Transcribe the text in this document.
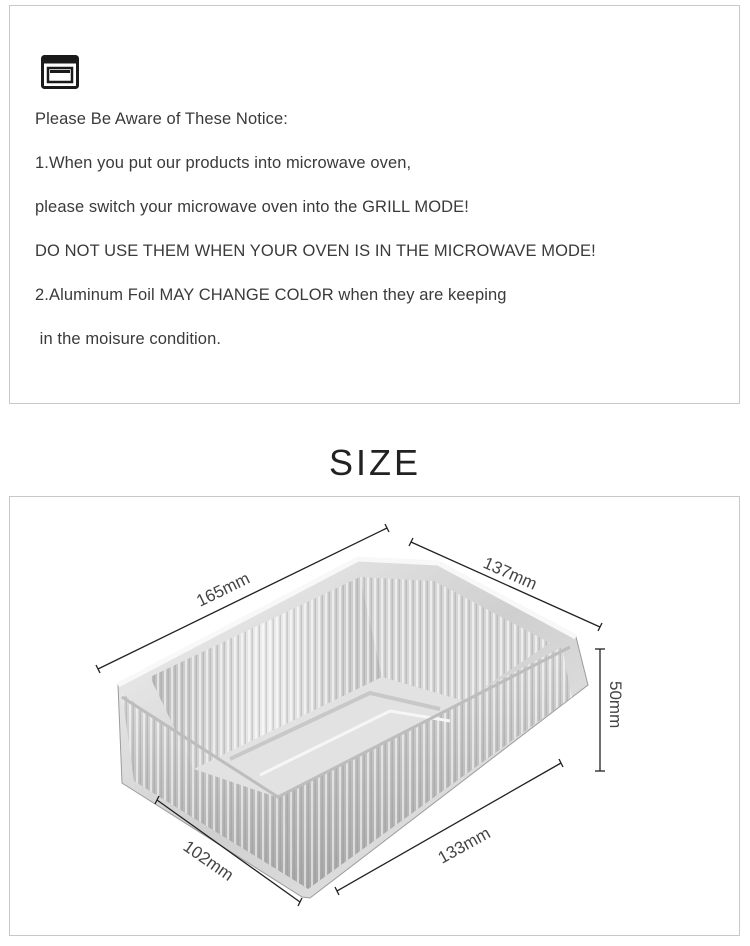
Please Be Aware of These Notice:
1.When you put our products into microwave oven,
please switch your microwave oven into the GRILL MODE!
DO NOT USE THEM WHEN YOUR OVEN IS IN THE MICROWAVE MODE!
2.Aluminum Foil MAY CHANGE COLOR when they are keeping
in the moisure condition.
SIZE
165mm	137mm
50mm
133mm
102mm
